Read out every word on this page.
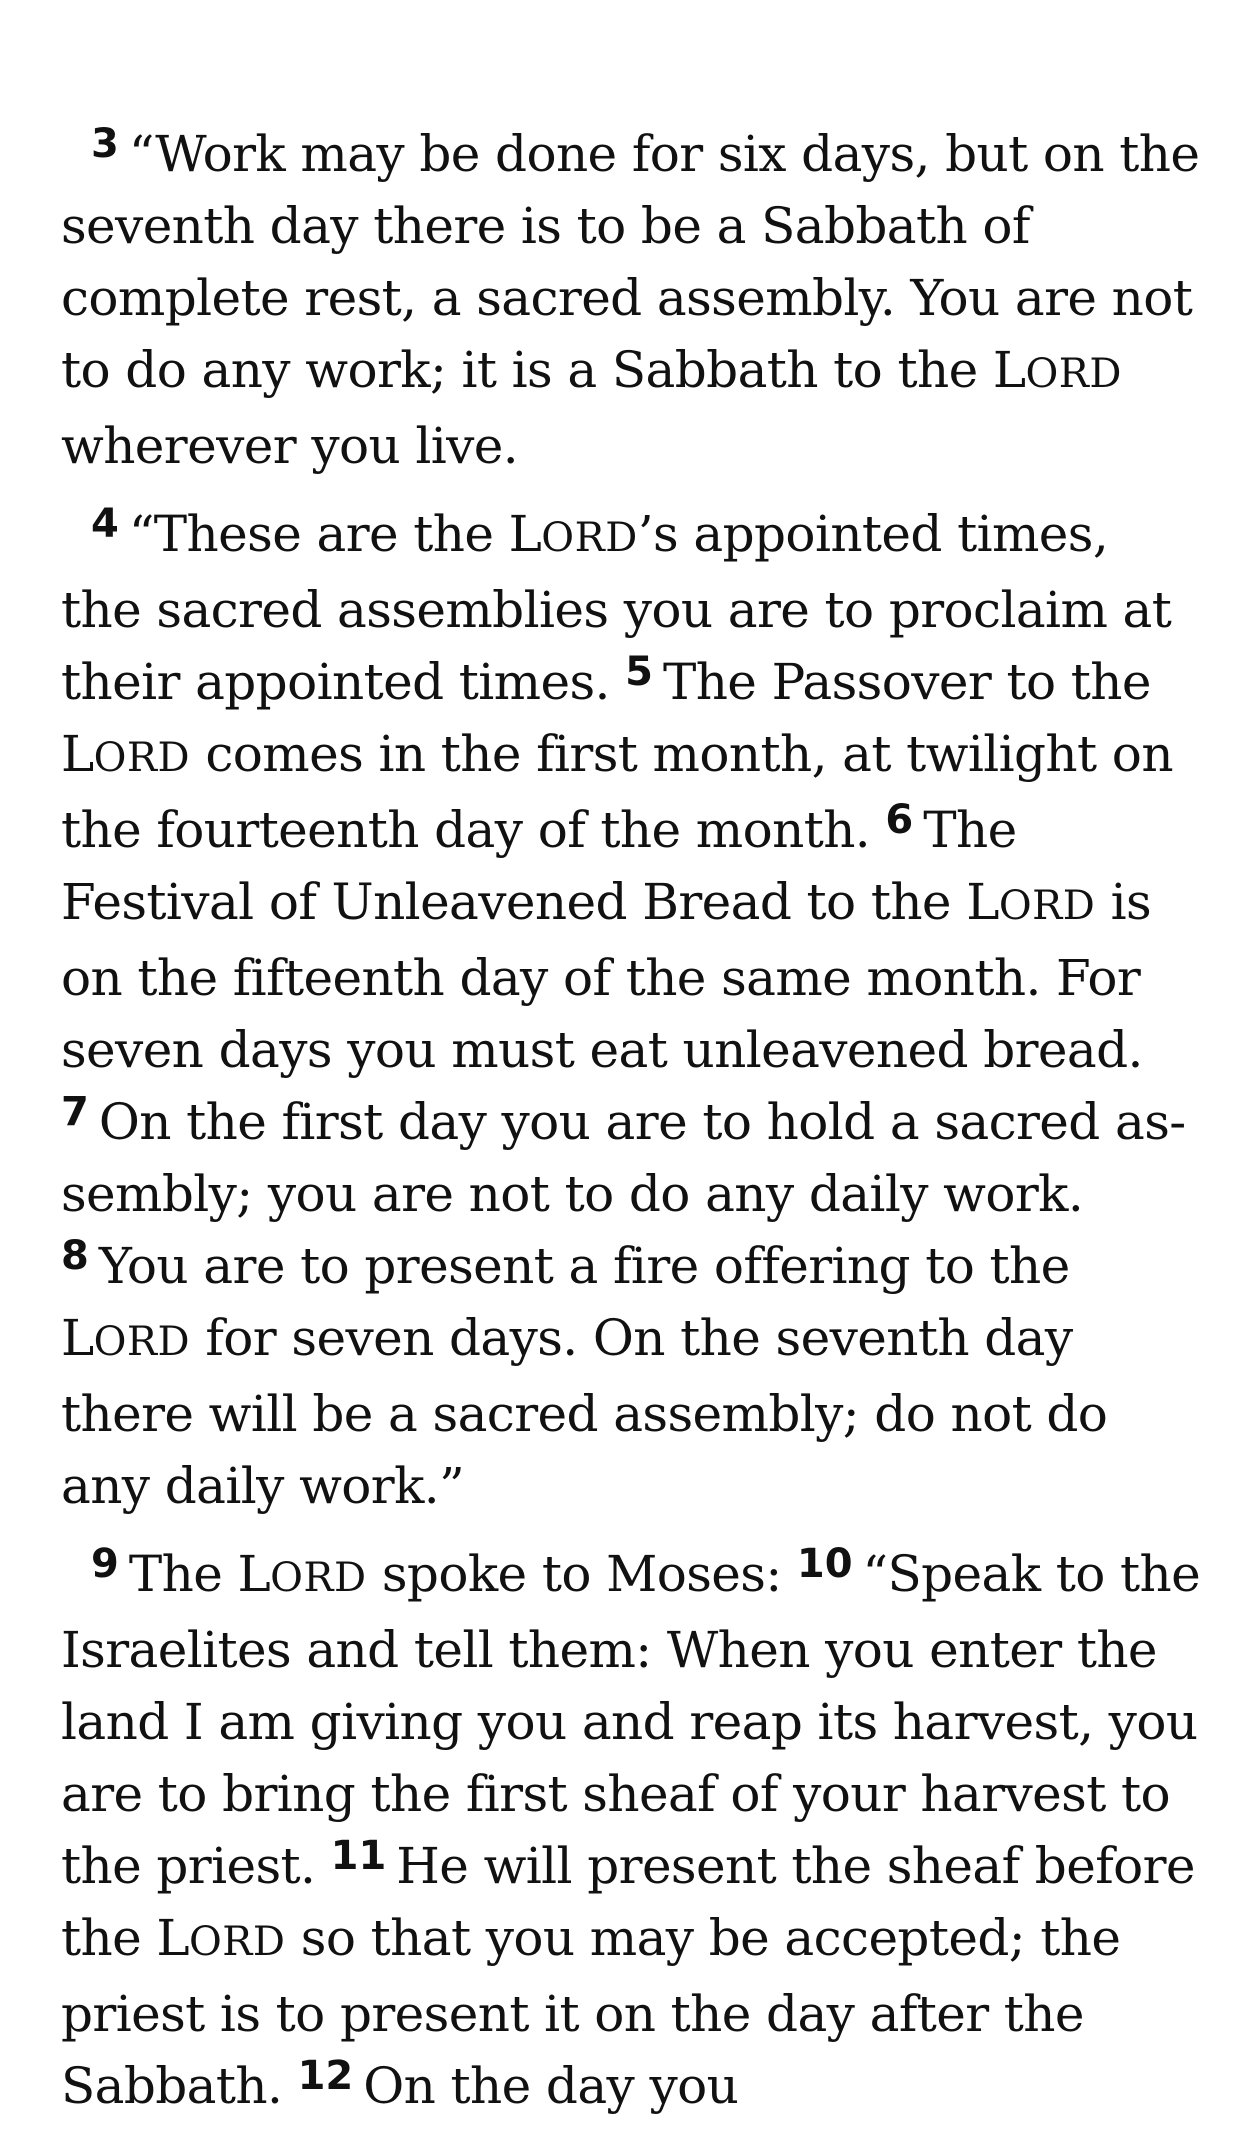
$^3$ “Work may be done for six days, but on the seventh day there is to be a Sabbath of complete rest, a sacred assembly. You are not to do any work; it is a Sabbath to the LORD wherever you live.

$^4$ “These are the LORD’s appointed times, the sacred assemblies you are to proclaim at their appointed times. $^5$ The Passover to the LORD comes in the first month, at twilight on the fourteenth day of the month. $^6$ The Festival of Unleavened Bread to the LORD is on the fifteenth day of the same month. For seven days you must eat unleavened bread. $^7$ On the first day you are to hold a sacred assembly; you are not to do any daily work. $^8$ You are to present a fire offering to the LORD for seven days. On the seventh day there will be a sacred assembly; do not do any daily work.”

$^9$ The LORD spoke to Moses: $^{10}$ “Speak to the Israelites and tell them: When you enter the land I am giving you and reap its harvest, you are to bring the first sheaf of your harvest to the priest. $^{11}$ He will present the sheaf before the LORD so that you may be accepted; the priest is to present it on the day after the Sabbath. $^{12}$ On the day you
